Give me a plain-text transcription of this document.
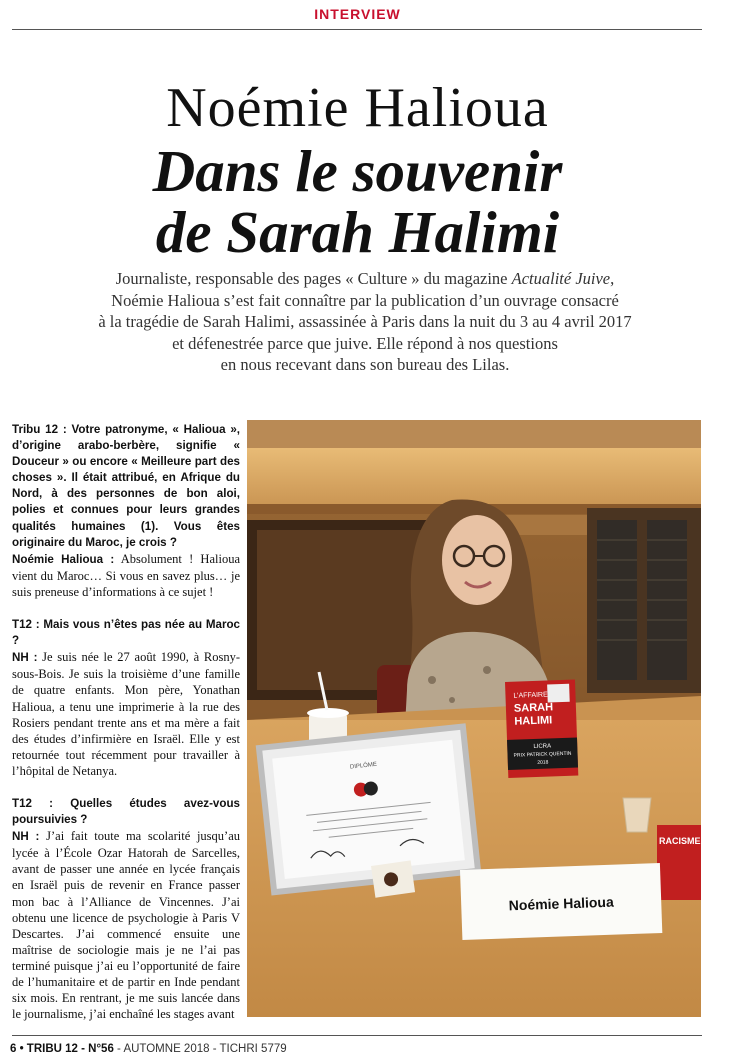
INTERVIEW
Noémie Halioua
Dans le souvenir
de Sarah Halimi

Journaliste, responsable des pages « Culture » du magazine Actualité Juive,

Noémie Halioua s’est fait connaître par la publication d’un ouvrage consacré

à la tragédie de Sarah Halimi, assassinée à Paris dans la nuit du 3 au 4 avril 2017

et défenestrée parce que juive. Elle répond à nos questions

en nous recevant dans son bureau des Lilas.

Tribu 12 : Votre patronyme, « Halioua », d’origine arabo-berbère, signifie « Douceur » ou encore « Meilleure part des choses ». Il était attribué, en Afrique du Nord, à des personnes de bon aloi, polies et connues pour leurs grandes qualités humaines (1). Vous êtes originaire du Maroc, je crois ?

Noémie Halioua : Absolument ! Halioua vient du Maroc… Si vous en savez plus… je suis preneuse d’informations à ce sujet !

T12 : Mais vous n’êtes pas née au Maroc ?

NH : Je suis née le 27 août 1990, à Rosny-sous-Bois. Je suis la troisième d’une famille de quatre enfants. Mon père, Yonathan Halioua, a tenu une imprimerie à la rue des Rosiers pendant trente ans et ma mère a fait des études d’infirmière en Israël. Elle y est retournée tout récemment pour travailler à l’hôpital de Netanya.

T12 : Quelles études avez-vous poursuivies ?

NH : J’ai fait toute ma scolarité jusqu’au lycée à l’École Ozar Hatorah de Sarcelles, avant de passer une année en lycée français en Israël puis de revenir en France passer mon bac à l’Alliance de Vincennes. J’ai obtenu une licence de psychologie à Paris V Descartes. J’ai commencé ensuite une maîtrise de sociologie mais je ne l’ai pas terminé puisque j’ai eu l’opportunité de faire de l’humanitaire et de partir en Inde pendant six mois. En rentrant, je me suis lancée dans le journalisme, j’ai enchaîné les stages avant

L’AFFAIRE
SARAH
HALIMI
LICRA
PRIX PATRICK QUENTIN
2018
DIPLÔME
RACISME
Noémie Halioua
6 • TRIBU 12 - N°56 - AUTOMNE 2018 - TICHRI 5779
